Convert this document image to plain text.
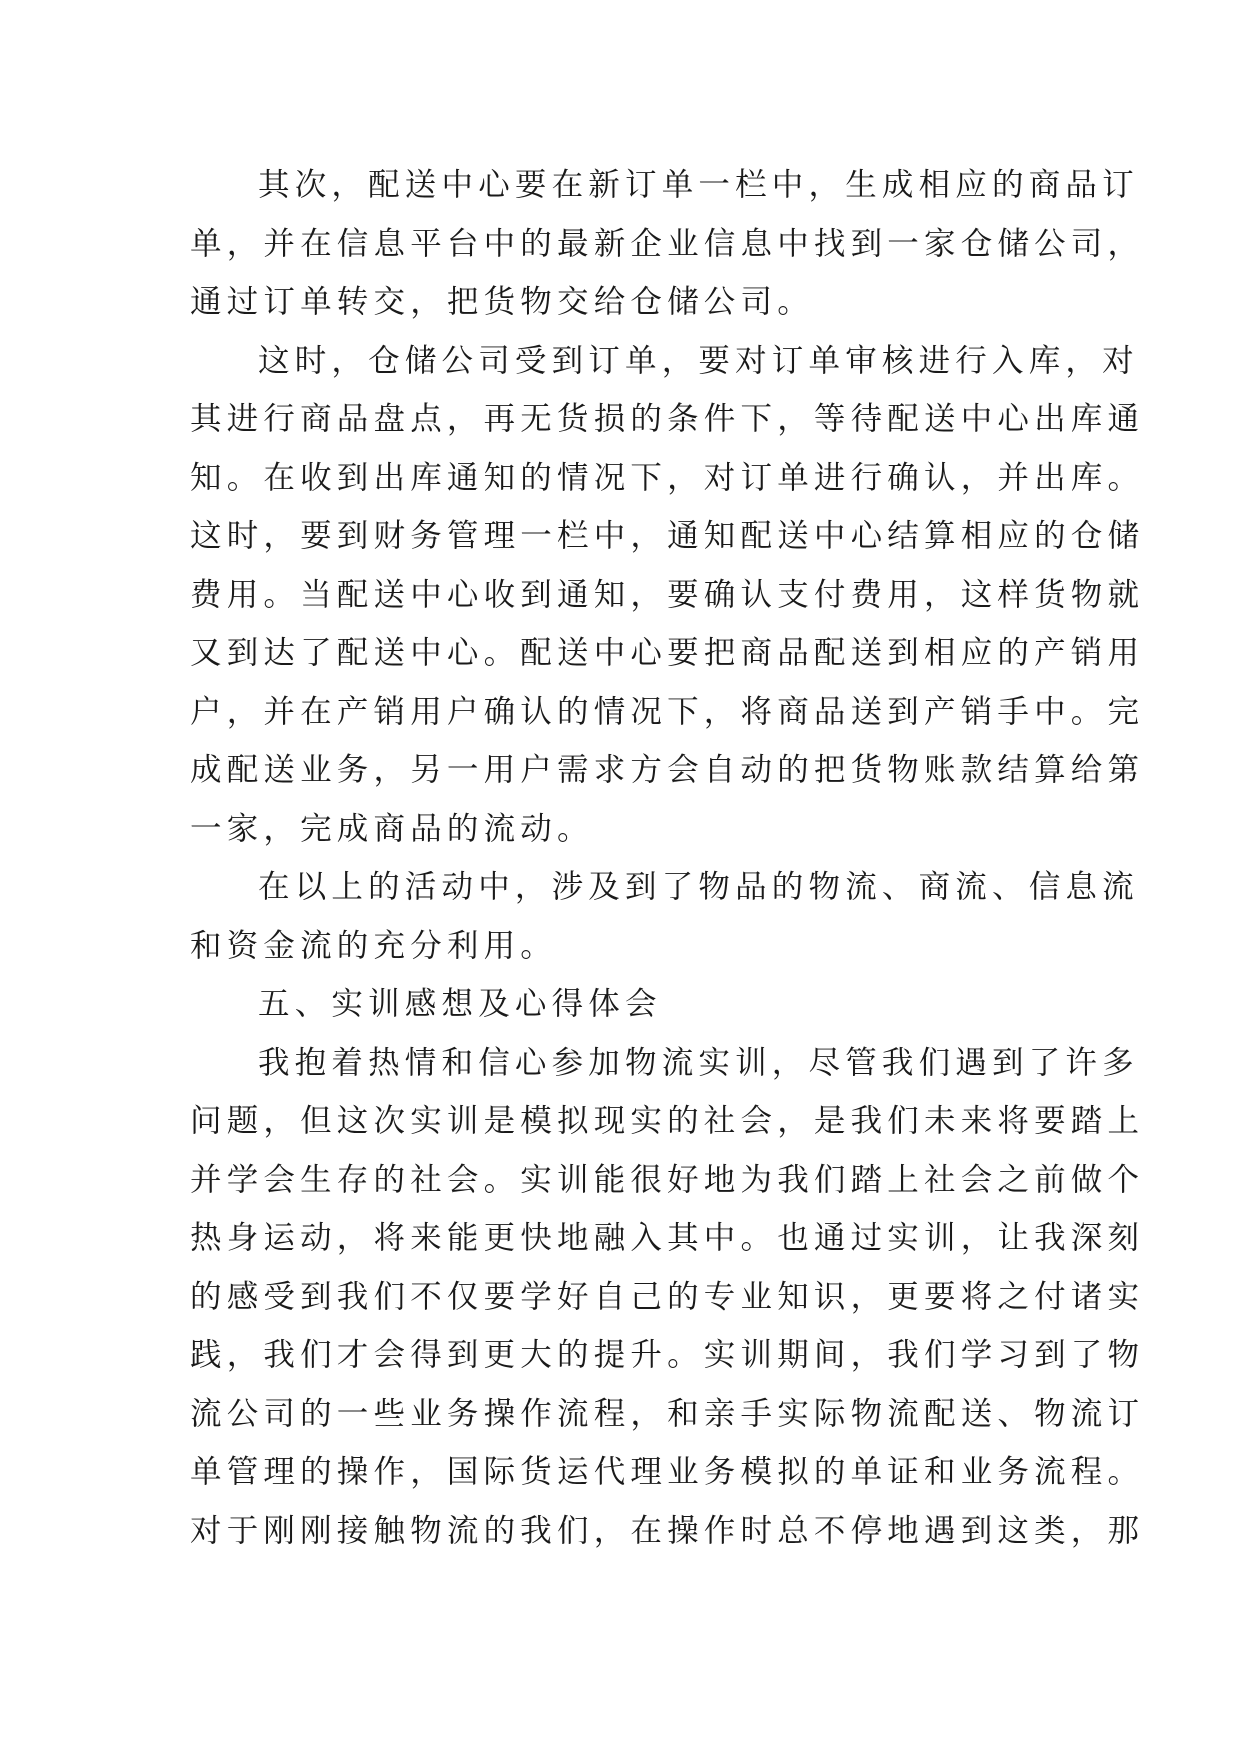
其次，配送中心要在新订单一栏中，生成相应的商品订
单，并在信息平台中的最新企业信息中找到一家仓储公司，
通过订单转交，把货物交给仓储公司。
这时，仓储公司受到订单，要对订单审核进行入库，对
其进行商品盘点，再无货损的条件下，等待配送中心出库通
知。在收到出库通知的情况下，对订单进行确认，并出库。
这时，要到财务管理一栏中，通知配送中心结算相应的仓储
费用。当配送中心收到通知，要确认支付费用，这样货物就
又到达了配送中心。配送中心要把商品配送到相应的产销用
户，并在产销用户确认的情况下，将商品送到产销手中。完
成配送业务，另一用户需求方会自动的把货物账款结算给第
一家，完成商品的流动。
在以上的活动中，涉及到了物品的物流、商流、信息流
和资金流的充分利用。
五、实训感想及心得体会
我抱着热情和信心参加物流实训，尽管我们遇到了许多
问题，但这次实训是模拟现实的社会，是我们未来将要踏上
并学会生存的社会。实训能很好地为我们踏上社会之前做个
热身运动，将来能更快地融入其中。也通过实训，让我深刻
的感受到我们不仅要学好自己的专业知识，更要将之付诸实
践，我们才会得到更大的提升。实训期间，我们学习到了物
流公司的一些业务操作流程，和亲手实际物流配送、物流订
单管理的操作，国际货运代理业务模拟的单证和业务流程。
对于刚刚接触物流的我们，在操作时总不停地遇到这类，那
